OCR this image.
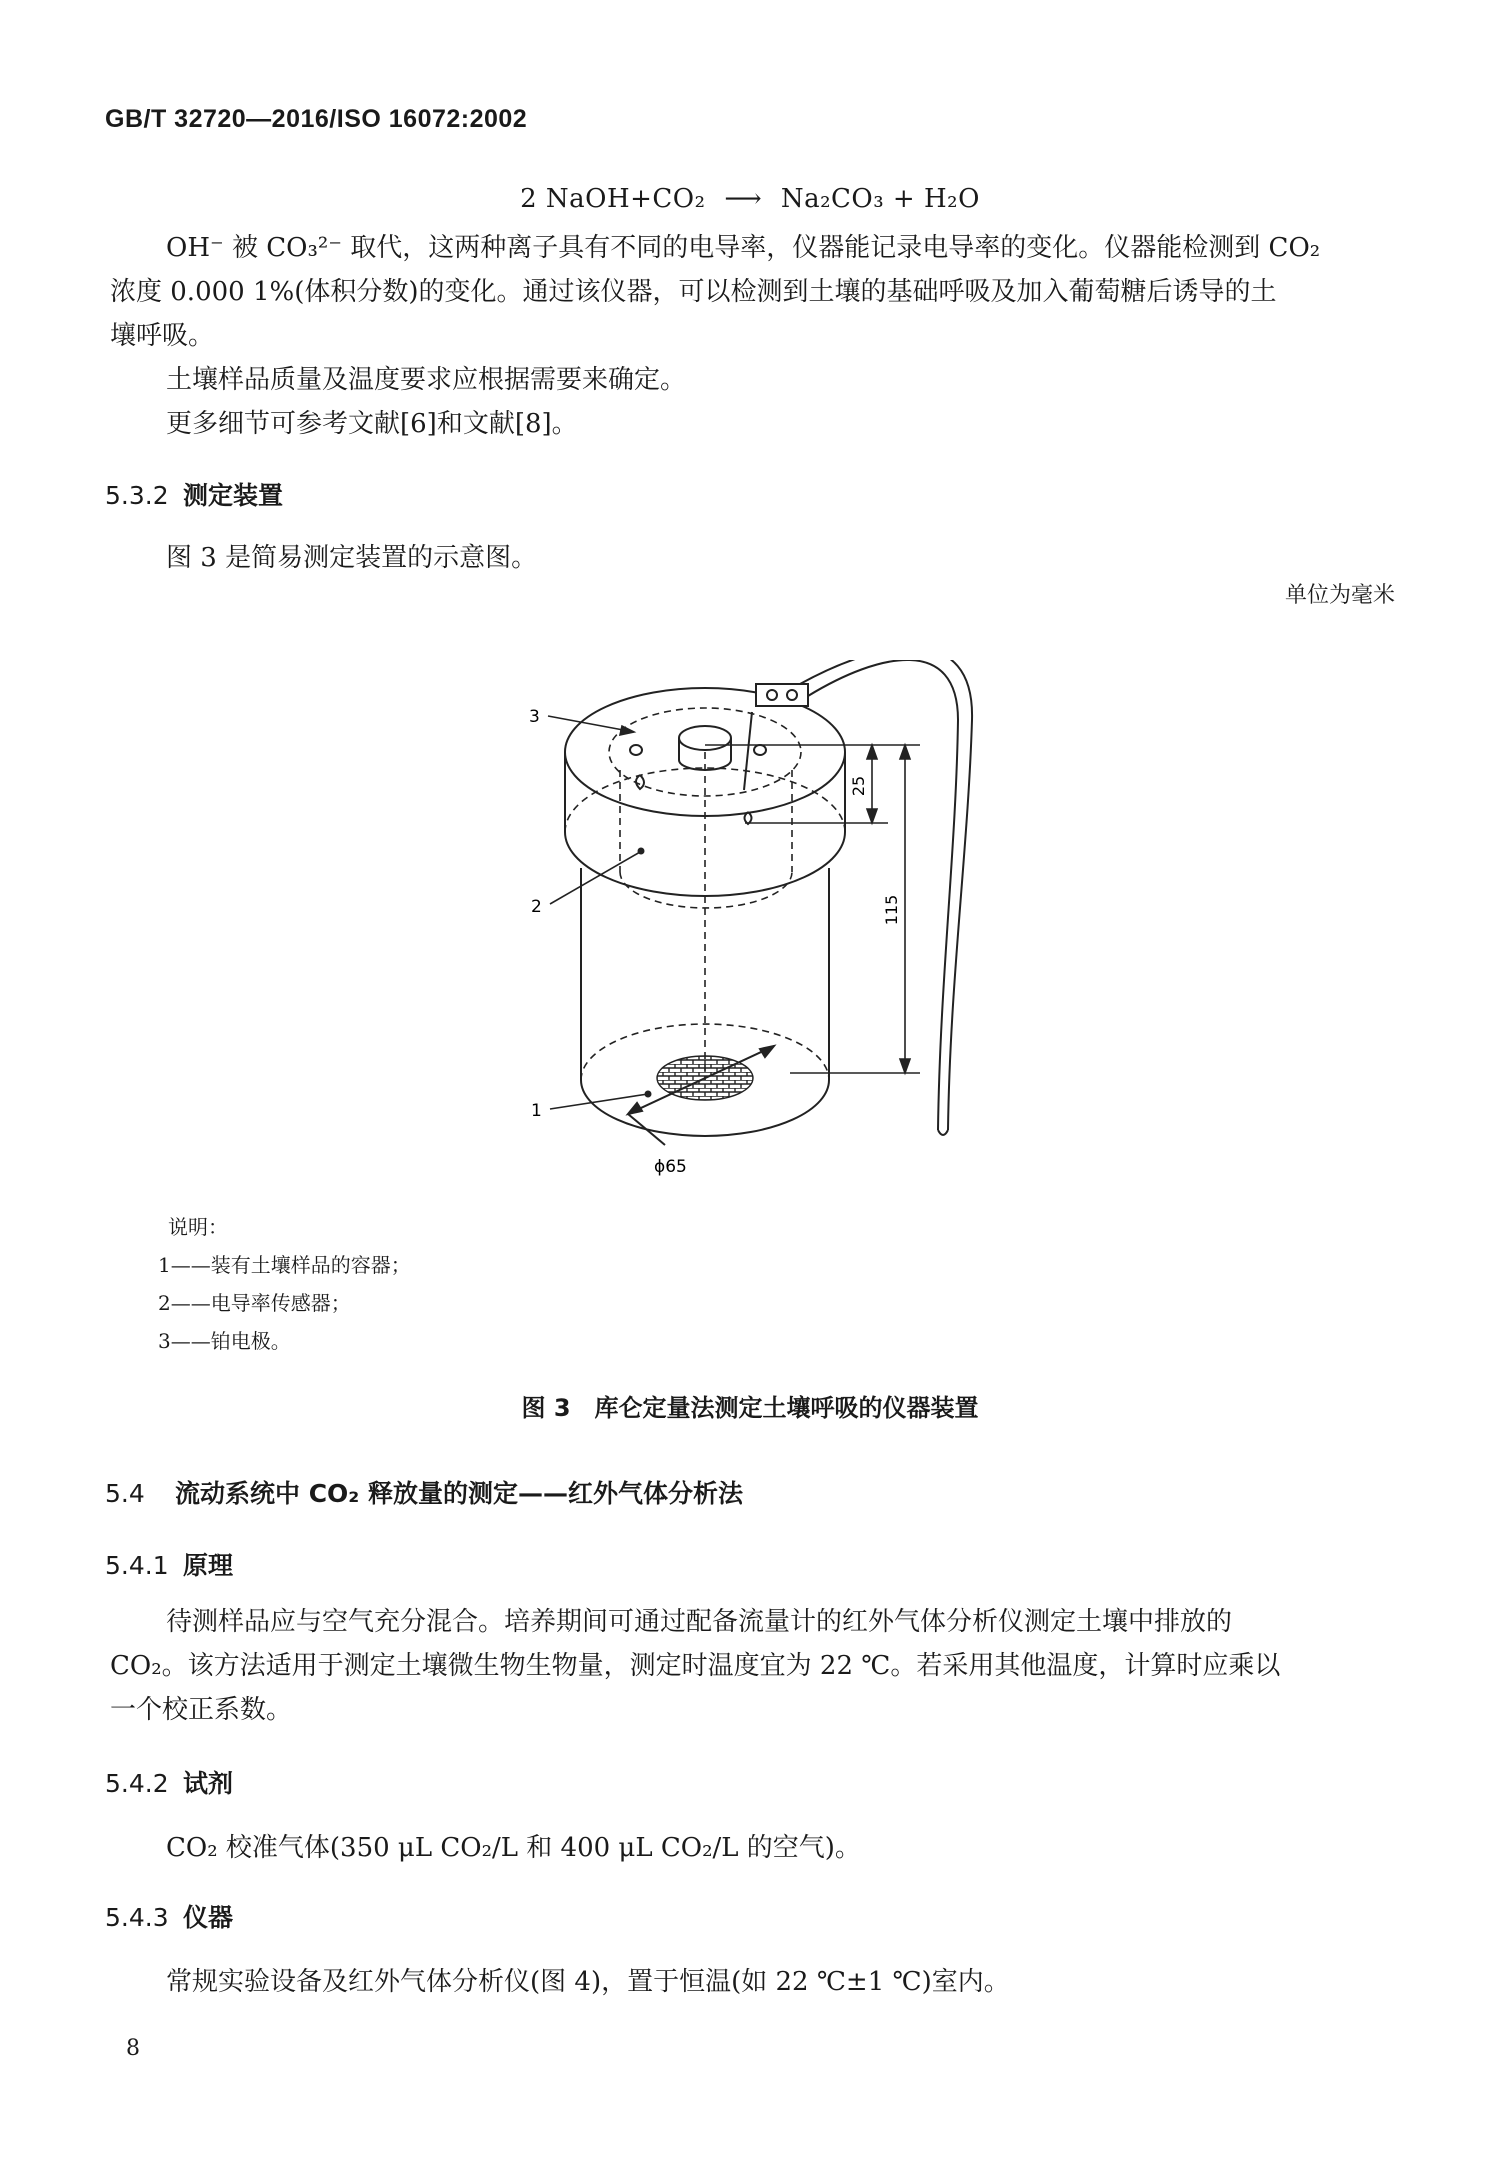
GB/T 32720—2016/ISO 16072:2002
2 NaOH+CO₂ ⟶ Na₂CO₃ + H₂O
OH⁻ 被 CO₃²⁻ 取代，这两种离子具有不同的电导率，仪器能记录电导率的变化。仪器能检测到 CO₂
浓度 0.000 1%(体积分数)的变化。通过该仪器，可以检测到土壤的基础呼吸及加入葡萄糖后诱导的土
壤呼吸。
土壤样品质量及温度要求应根据需要来确定。
更多细节可参考文献[6]和文献[8]。
5.3.2 测定装置
图 3 是简易测定装置的示意图。
单位为毫米
25
115
ϕ65
3
2
1
说明：
1——装有土壤样品的容器；
2——电导率传感器；
3——铂电极。
图 3　库仑定量法测定土壤呼吸的仪器装置
5.4 流动系统中 CO₂ 释放量的测定——红外气体分析法
5.4.1 原理
待测样品应与空气充分混合。培养期间可通过配备流量计的红外气体分析仪测定土壤中排放的
CO₂。该方法适用于测定土壤微生物生物量，测定时温度宜为 22 ℃。若采用其他温度，计算时应乘以
一个校正系数。
5.4.2 试剂
CO₂ 校准气体(350 μL CO₂/L 和 400 μL CO₂/L 的空气)。
5.4.3 仪器
常规实验设备及红外气体分析仪(图 4)，置于恒温(如 22 ℃±1 ℃)室内。
8
